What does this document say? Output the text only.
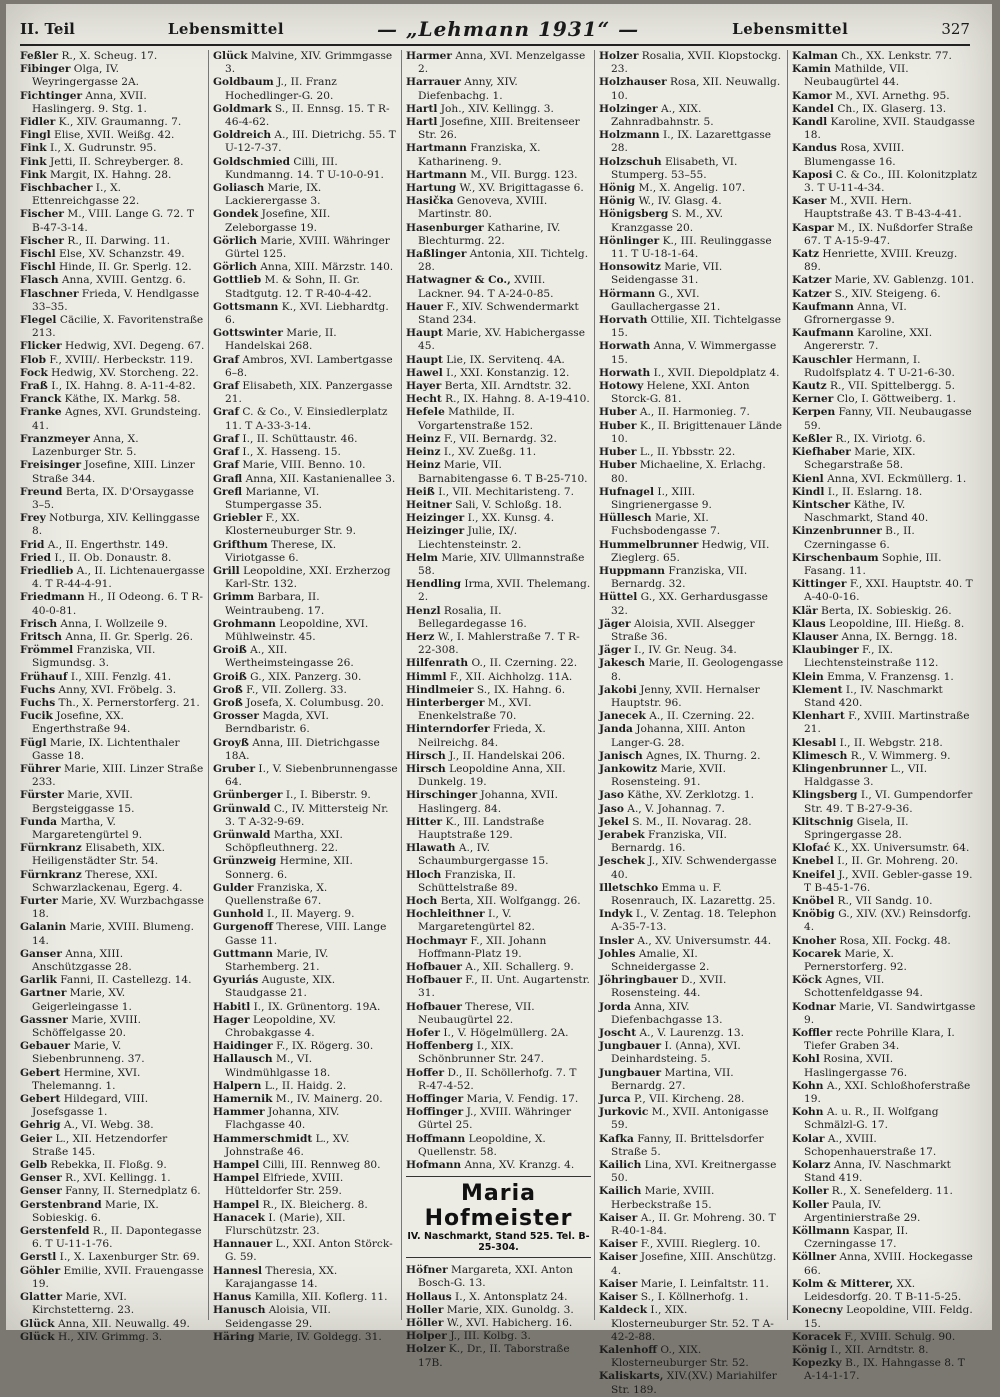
II. Teil	Lebensmittel	— „Lehmann 1931“ —	Lebensmittel	327
Feßler R., X. Scheug. 17.
Fibinger Olga, IV. Weyringergasse 2A.
Fichtinger Anna, XVII. Haslingerg. 9. Stg. 1.
Fidler K., XIV. Graumanng. 7.
Fingl Elise, XVII. Weißg. 42.
Fink I., X. Gudrunstr. 95.
Fink Jetti, II. Schreyberger. 8.
Fink Margit, IX. Hahng. 28.
Fischbacher I., X. Ettenreichgasse 22.
Fischer M., VIII. Lange G. 72. T B-47-3-14.
Fischer R., II. Darwing. 11.
Fischl Else, XV. Schanzstr. 49.
Fischl Hinde, II. Gr. Sperlg. 12.
Flasch Anna, XVIII. Gentzg. 6.
Flaschner Frieda, V. Hendlgasse 33–35.
Flegel Cäcilie, X. Favoritenstraße 213.
Flicker Hedwig, XVI. Degeng. 67.
Flob F., XVIII/. Herbeckstr. 119.
Fock Hedwig, XV. Storcheng. 22.
Fraß I., IX. Hahng. 8. A-11-4-82.
Franck Käthe, IX. Markg. 58.
Franke Agnes, XVI. Grundsteing. 41.
Franzmeyer Anna, X. Lazenburger Str. 5.
Freisinger Josefine, XIII. Linzer Straße 344.
Freund Berta, IX. D'Orsaygasse 3–5.
Frey Notburga, XIV. Kellinggasse 8.
Frid A., II. Engerthstr. 149.
Fried I., II. Ob. Donaustr. 8.
Friedlieb A., II. Lichtenauergasse 4. T R-44-4-91.
Friedmann H., II Odeong. 6. T R-40-0-81.
Frisch Anna, I. Wollzeile 9.
Fritsch Anna, II. Gr. Sperlg. 26.
Frömmel Franziska, VII. Sigmundsg. 3.
Frühauf I., XIII. Fenzlg. 41.
Fuchs Anny, XVI. Fröbelg. 3.
Fuchs Th., X. Pernerstorferg. 21.
Fucik Josefine, XX. Engerthstraße 94.
Fügl Marie, IX. Lichtenthaler Gasse 18.
Führer Marie, XIII. Linzer Straße 233.
Fürster Marie, XVII. Bergsteiggasse 15.
Funda Martha, V. Margaretengürtel 9.
Fürnkranz Elisabeth, XIX. Heiligenstädter Str. 54.
Fürnkranz Therese, XXI. Schwarzlackenau, Egerg. 4.
Furter Marie, XV. Wurzbachgasse 18.
Galanin Marie, XVIII. Blumeng. 14.
Ganser Anna, XIII. Anschützgasse 28.
Garlik Fanni, II. Castellezg. 14.
Gartner Marie, XV. Geigerleingasse 1.
Gassner Marie, XVIII. Schöffelgasse 20.
Gebauer Marie, V. Siebenbrunneng. 37.
Gebert Hermine, XVI. Thelemanng. 1.
Gebert Hildegard, VIII. Josefsgasse 1.
Gehrig A., VI. Webg. 38.
Geier L., XII. Hetzendorfer Straße 145.
Gelb Rebekka, II. Floßg. 9.
Genser R., XVI. Kellingg. 1.
Genser Fanny, II. Sternedplatz 6.
Gerstenbrand Marie, IX. Sobieskig. 6.
Gerstenfeld R., II. Dapontegasse 6. T U-11-1-76.
Gerstl I., X. Laxenburger Str. 69.
Göhler Emilie, XVII. Frauengasse 19.
Glatter Marie, XVI. Kirchstetterng. 23.
Glück Anna, XII. Neuwallg. 49.
Glück H., XIV. Grimmg. 3.
Glück Malvine, XIV. Grimmgasse 3.
Goldbaum J., II. Franz Hochedlinger-G. 20.
Goldmark S., II. Ennsg. 15. T R-46-4-62.
Goldreich A., III. Dietrichg. 55. T U-12-7-37.
Goldschmied Cilli, III. Kundmanng. 14. T U-10-0-91.
Goliasch Marie, IX. Lackierergasse 3.
Gondek Josefine, XII. Zeleborgasse 19.
Görlich Marie, XVIII. Währinger Gürtel 125.
Görlich Anna, XIII. Märzstr. 140.
Gottlieb M. & Sohn, II. Gr. Stadtgutg. 12. T R-40-4-42.
Gottsmann K., XVI. Liebhardtg. 6.
Gottswinter Marie, II. Handelskai 268.
Graf Ambros, XVI. Lambertgasse 6–8.
Graf Elisabeth, XIX. Panzergasse 21.
Graf C. & Co., V. Einsiedlerplatz 11. T A-33-3-14.
Graf I., II. Schüttaustr. 46.
Graf I., X. Hasseng. 15.
Graf Marie, VIII. Benno. 10.
Grafl Anna, XII. Kastanienallee 3.
Grefl Marianne, VI. Stumpergasse 35.
Griebler F., XX. Klosterneuburger Str. 9.
Grifthum Therese, IX. Viriotgasse 6.
Grill Leopoldine, XXI. Erzherzog Karl-Str. 132.
Grimm Barbara, II. Weintraubeng. 17.
Grohmann Leopoldine, XVI. Mühlweinstr. 45.
Groiß A., XII. Wertheimsteingasse 26.
Groiß G., XIX. Panzerg. 30.
Groß F., VII. Zollerg. 33.
Groß Josefa, X. Columbusg. 20.
Grosser Magda, XVI. Berndbaristr. 6.
Groyß Anna, III. Dietrichgasse 18A.
Gruber I., V. Siebenbrunnengasse 64.
Grünberger I., I. Biberstr. 9.
Grünwald C., IV. Mittersteig Nr. 3. T A-32-9-69.
Grünwald Martha, XXI. Schöpfleuthnerg. 22.
Grünzweig Hermine, XII. Sonnerg. 6.
Gulder Franziska, X. Quellenstraße 67.
Gunhold I., II. Mayerg. 9.
Gurgenoff Therese, VIII. Lange Gasse 11.
Guttmann Marie, IV. Starhemberg. 21.
Gyuriás Auguste, XIX. Staudgasse 21.
Habitl I., IX. Grünentorg. 19A.
Hager Leopoldine, XV. Chrobakgasse 4.
Haidinger F., IX. Rögerg. 30.
Hallausch M., VI. Windmühlgasse 18.
Halpern L., II. Haidg. 2.
Hamernik M., IV. Mainerg. 20.
Hammer Johanna, XIV. Flachgasse 40.
Hammerschmidt L., XV. Johnstraße 46.
Hampel Cilli, III. Rennweg 80.
Hampel Elfriede, XVIII. Hütteldorfer Str. 259.
Hampel R., IX. Bleicherg. 8.
Hanacek I. (Marie), XII. Flurschützstr. 23.
Hannauer L., XXI. Anton Störck-G. 59.
Hannesl Theresia, XX. Karajangasse 14.
Hanus Kamilla, XII. Koflerg. 11.
Hanusch Aloisia, VII. Seidengasse 29.
Häring Marie, IV. Goldegg. 31.
Harmer Anna, XVI. Menzelgasse 2.
Harrauer Anny, XIV. Diefenbachg. 1.
Hartl Joh., XIV. Kellingg. 3.
Hartl Josefine, XIII. Breitenseer Str. 26.
Hartmann Franziska, X. Katharineng. 9.
Hartmann M., VII. Burgg. 123.
Hartung W., XV. Brigittagasse 6.
Hasička Genoveva, XVIII. Martinstr. 80.
Hasenburger Katharine, IV. Blechturmg. 22.
Haßlinger Antonia, XII. Tichtelg. 28.
Hatwagner & Co., XVIII. Lackner. 94. T A-24-0-85.
Hauer F., XIV. Schwendermarkt Stand 234.
Haupt Marie, XV. Habichergasse 45.
Haupt Lie, IX. Servitenq. 4A.
Hawel I., XXI. Konstanzig. 12.
Hayer Berta, XII. Arndtstr. 32.
Hecht R., IX. Hahng. 8. A-19-410.
Hefele Mathilde, II. Vorgartenstraße 152.
Heinz F., VII. Bernardg. 32.
Heinz I., XV. Zueßg. 11.
Heinz Marie, VII. Barnabitengasse 6. T B-25-710.
Heiß I., VII. Mechitaristeng. 7.
Heitner Sali, V. Schloßg. 18.
Heizinger I., XX. Kunsg. 4.
Heizinger Julie, IX/. Liechtensteinstr. 2.
Helm Marie, XIV. Ullmannstraße 58.
Hendling Irma, XVII. Thelemang. 2.
Henzl Rosalia, II. Bellegardegasse 16.
Herz W., I. Mahlerstraße 7. T R-22-308.
Hilfenrath O., II. Czerning. 22.
Himml F., XII. Aichholzg. 11A.
Hindlmeier S., IX. Hahng. 6.
Hinterberger M., XVI. Enenkelstraße 70.
Hinterndorfer Frieda, X. Neilreichg. 84.
Hirsch J., II. Handelskai 206.
Hirsch Leopoldine Anna, XII. Dunkelg. 19.
Hirschinger Johanna, XVII. Haslingerg. 84.
Hitter K., III. Landstraße Hauptstraße 129.
Hlawath A., IV. Schaumburgergasse 15.
Hloch Franziska, II. Schüttelstraße 89.
Hoch Berta, XII. Wolfgangg. 26.
Hochleithner I., V. Margaretengürtel 82.
Hochmayr F., XII. Johann Hoffmann-Platz 19.
Hofbauer A., XII. Schallerg. 9.
Hofbauer F., II. Unt. Augartenstr. 31.
Hofbauer Therese, VII. Neubaugürtel 22.
Hofer I., V. Högelmüllerg. 2A.
Hoffenberg I., XIX. Schönbrunner Str. 247.
Hoffer D., II. Schöllerhofg. 7. T R-47-4-52.
Hoffinger Maria, V. Fendig. 17.
Hoffinger J., XVIII. Währinger Gürtel 25.
Hoffmann Leopoldine, X. Quellenstr. 58.
Hofmann Anna, XV. Kranzg. 4.
Maria Hofmeister
IV. Naschmarkt, Stand 525. Tel. B-25-304.
Höfner Margareta, XXI. Anton Bosch-G. 13.
Hollaus I., X. Antonsplatz 24.
Holler Marie, XIX. Gunoldg. 3.
Höller W., XVI. Habicherg. 16.
Holper J., III. Kolbg. 3.
Holzer K., Dr., II. Taborstraße 17B.
Holzer Rosalia, XVII. Klopstockg. 23.
Holzhauser Rosa, XII. Neuwallg. 10.
Holzinger A., XIX. Zahnradbahnstr. 5.
Holzmann I., IX. Lazarettgasse 28.
Holzschuh Elisabeth, VI. Stumperg. 53–55.
Hönig M., X. Angelig. 107.
Hönig W., IV. Glasg. 4.
Hönigsberg S. M., XV. Kranzgasse 20.
Hönlinger K., III. Reulinggasse 11. T U-18-1-64.
Honsowitz Marie, VII. Seidengasse 31.
Hörmann G., XVI. Gaullachergasse 21.
Horvath Ottilie, XII. Tichtelgasse 15.
Horwath Anna, V. Wimmergasse 15.
Horwath I., XVII. Diepoldplatz 4.
Hotowy Helene, XXI. Anton Storck-G. 81.
Huber A., II. Harmonieg. 7.
Huber K., II. Brigittenauer Lände 10.
Huber L., II. Ybbsstr. 22.
Huber Michaeline, X. Erlachg. 80.
Hufnagel I., XIII. Singrienergasse 9.
Hüllesch Marie, XI. Fuchsbodengasse 7.
Hummelbrunner Hedwig, VII. Zieglerg. 65.
Huppmann Franziska, VII. Bernardg. 32.
Hüttel G., XX. Gerhardusgasse 32.
Jäger Aloisia, XVII. Alsegger Straße 36.
Jäger I., IV. Gr. Neug. 34.
Jakesch Marie, II. Geologengasse 8.
Jakobi Jenny, XVII. Hernalser Hauptstr. 96.
Janecek A., II. Czerning. 22.
Janda Johanna, XIII. Anton Langer-G. 28.
Janisch Agnes, IX. Thurng. 2.
Jankowitz Marie, XVII. Rosensteing. 91.
Jaso Käthe, XV. Zerklotzg. 1.
Jaso A., V. Johannag. 7.
Jekel S. M., II. Novarag. 28.
Jerabek Franziska, VII. Bernardg. 16.
Jeschek J., XIV. Schwendergasse 40.
Illetschko Emma u. F. Rosenrauch, IX. Lazarettg. 25.
Indyk I., V. Zentag. 18. Telephon A-35-7-13.
Insler A., XV. Universumstr. 44.
Johles Amalie, XI. Schneidergasse 2.
Jöhringbauer D., XVII. Rosensteing. 44.
Jorda Anna, XIV. Diefenbachgasse 13.
Joscht A., V. Laurenzg. 13.
Jungbauer I. (Anna), XVI. Deinhardsteing. 5.
Jungbauer Martina, VII. Bernardg. 27.
Jurca P., VII. Kircheng. 28.
Jurkovic M., XVII. Antonigasse 59.
Kafka Fanny, II. Brittelsdorfer Straße 5.
Kailich Lina, XVI. Kreitnergasse 50.
Kailich Marie, XVIII. Herbeckstraße 15.
Kaiser A., II. Gr. Mohreng. 30. T R-40-1-84.
Kaiser F., XVIII. Rieglerg. 10.
Kaiser Josefine, XIII. Anschützg. 4.
Kaiser Marie, I. Leinfaltstr. 11.
Kaiser S., I. Köllnerhofg. 1.
Kaldeck I., XIX. Klosterneuburger Str. 52. T A-42-2-88.
Kalenhoff O., XIX. Klosterneuburger Str. 52.
Kaliskarts, XIV.(XV.) Mariahilfer Str. 189.
Kalman Ch., XX. Lenkstr. 77.
Kamin Mathilde, VII. Neubaugürtel 44.
Kamor M., XVI. Arnethg. 95.
Kandel Ch., IX. Glaserg. 13.
Kandl Karoline, XVII. Staudgasse 18.
Kandus Rosa, XVIII. Blumengasse 16.
Kaposi C. & Co., III. Kolonitzplatz 3. T U-11-4-34.
Kaser M., XVII. Hern. Hauptstraße 43. T B-43-4-41.
Kaspar M., IX. Nußdorfer Straße 67. T A-15-9-47.
Katz Henriette, XVIII. Kreuzg. 89.
Katzer Marie, XV. Gablenzg. 101.
Katzer S., XIV. Steigeng. 6.
Kaufmann Anna, VI. Gfrornergasse 9.
Kaufmann Karoline, XXI. Angererstr. 7.
Kauschler Hermann, I. Rudolfsplatz 4. T U-21-6-30.
Kautz R., VII. Spittelbergg. 5.
Kerner Clo, I. Göttweiberg. 1.
Kerpen Fanny, VII. Neubaugasse 59.
Keßler R., IX. Viriotg. 6.
Kiefhaber Marie, XIX. Schegarstraße 58.
Kienl Anna, XVI. Eckmüllerg. 1.
Kindl I., II. Eslarng. 18.
Kintscher Käthe, IV. Naschmarkt, Stand 40.
Kinzenbrunner B., II. Czerningasse 6.
Kirschenbaum Sophie, III. Fasang. 11.
Kittinger F., XXI. Hauptstr. 40. T A-40-0-16.
Klär Berta, IX. Sobieskig. 26.
Klaus Leopoldine, III. Hießg. 8.
Klauser Anna, IX. Berngg. 18.
Klaubinger F., IX. Liechtensteinstraße 112.
Klein Emma, V. Franzensg. 1.
Klement I., IV. Naschmarkt Stand 420.
Klenhart F., XVIII. Martinstraße 21.
Klesabl I., II. Webgstr. 218.
Klimesch R., V. Wimmerg. 9.
Klingenbrunner L., VII. Haldgasse 3.
Klingsberg I., VI. Gumpendorfer Str. 49. T B-27-9-36.
Klitschnig Gisela, II. Springergasse 28.
Klofać K., XX. Universumstr. 64.
Knebel I., II. Gr. Mohreng. 20.
Kneifel J., XVII. Gebler-gasse 19. T B-45-1-76.
Knöbel R., VII Sandg. 10.
Knöbig G., XIV. (XV.) Reinsdorfg. 4.
Knoher Rosa, XII. Fockg. 48.
Kocarek Marie, X. Pernerstorferg. 92.
Köck Agnes, VII. Schottenfeldgasse 94.
Kodnar Marie, VI. Sandwirtgasse 9.
Koffler recte Pohrille Klara, I. Tiefer Graben 34.
Kohl Rosina, XVII. Haslingergasse 76.
Kohn A., XXI. Schloßhoferstraße 19.
Kohn A. u. R., II. Wolfgang Schmälzl-G. 17.
Kolar A., XVIII. Schopenhauerstraße 17.
Kolarz Anna, IV. Naschmarkt Stand 419.
Koller R., X. Senefelderg. 11.
Koller Paula, IV. Argentinierstraße 29.
Köllmann Kaspar, II. Czerningasse 17.
Köllner Anna, XVIII. Hockegasse 66.
Kolm & Mitterer, XX. Leidesdorfg. 20. T B-11-5-25.
Konecny Leopoldine, VIII. Feldg. 15.
Koracek F., XVIII. Schulg. 90.
König I., XII. Arndtstr. 8.
Kopezky B., IX. Hahngasse 8. T A-14-1-17.
